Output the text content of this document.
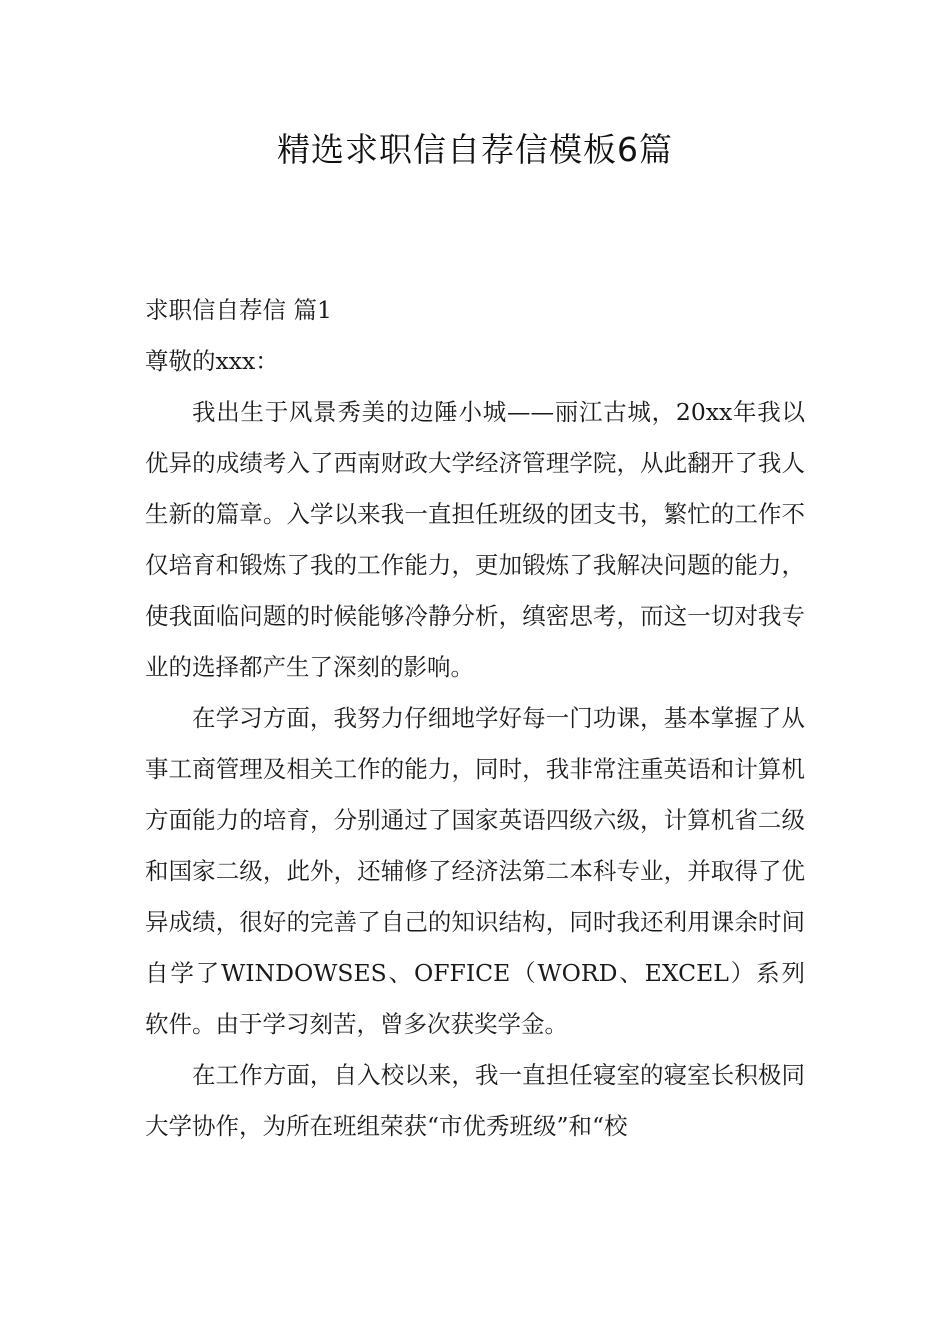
精选求职信自荐信模板6篇

求职信自荐信 篇1

尊敬的xxx：

我出生于风景秀美的边陲小城——丽江古城，20xx年我以优异的成绩考入了西南财政大学经济管理学院，从此翻开了我人生新的篇章。入学以来我一直担任班级的团支书，繁忙的工作不仅培育和锻炼了我的工作能力，更加锻炼了我解决问题的能力，使我面临问题的时候能够冷静分析，缜密思考，而这一切对我专业的选择都产生了深刻的影响。

在学习方面，我努力仔细地学好每一门功课，基本掌握了从事工商管理及相关工作的能力，同时，我非常注重英语和计算机方面能力的培育，分别通过了国家英语四级六级，计算机省二级和国家二级，此外，还辅修了经济法第二本科专业，并取得了优异成绩，很好的完善了自己的知识结构，同时我还利用课余时间自学了WINDOWSES、OFFICE（WORD、EXCEL）系列软件。由于学习刻苦，曾多次获奖学金。

在工作方面，自入校以来，我一直担任寝室的寝室长积极同大学协作，为所在班组荣获“市优秀班级”和“校
